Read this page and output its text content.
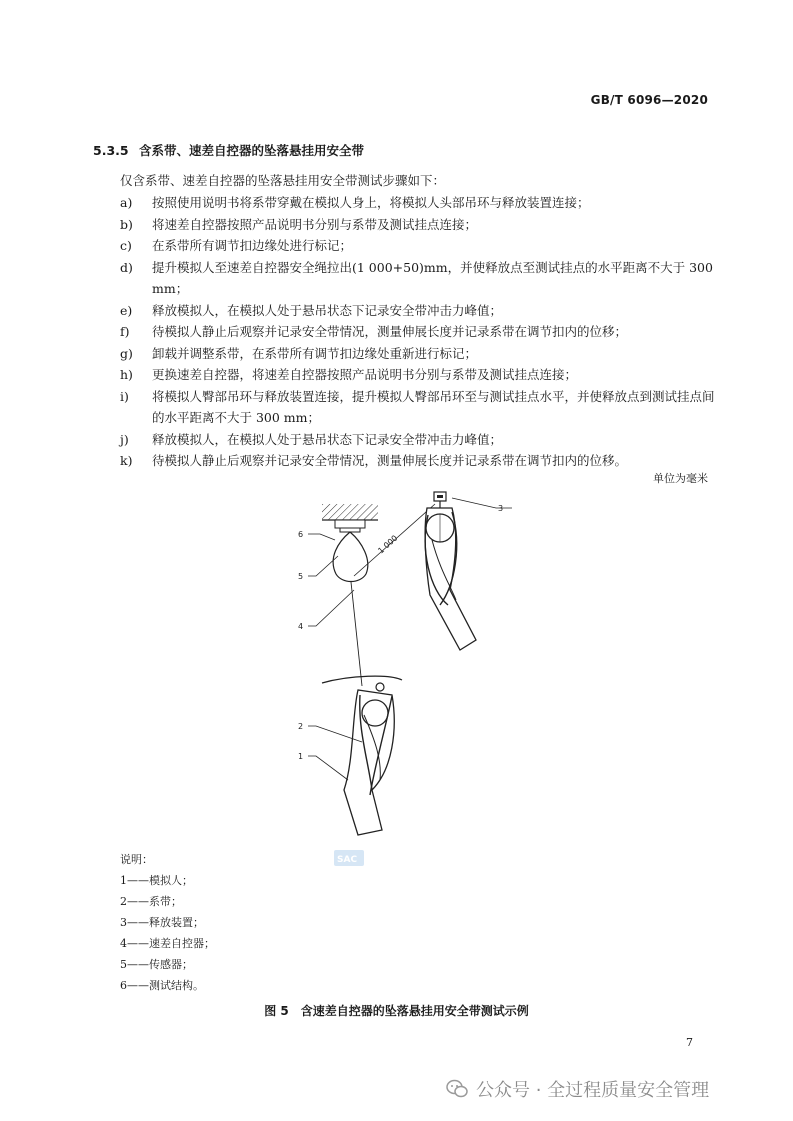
GB/T 6096—2020
5.3.5 含系带、速差自控器的坠落悬挂用安全带
仅含系带、速差自控器的坠落悬挂用安全带测试步骤如下：
a)	按照使用说明书将系带穿戴在模拟人身上，将模拟人头部吊环与释放装置连接；
b)	将速差自控器按照产品说明书分别与系带及测试挂点连接；
c)	在系带所有调节扣边缘处进行标记；
d)	提升模拟人至速差自控器安全绳拉出(1 000+50)mm，并使释放点至测试挂点的水平距离不大于 300 mm；
e)	释放模拟人，在模拟人处于悬吊状态下记录安全带冲击力峰值；
f)	待模拟人静止后观察并记录安全带情况，测量伸展长度并记录系带在调节扣内的位移；
g)	卸载并调整系带，在系带所有调节扣边缘处重新进行标记；
h)	更换速差自控器，将速差自控器按照产品说明书分别与系带及测试挂点连接；
i)	将模拟人臀部吊环与释放装置连接，提升模拟人臀部吊环至与测试挂点水平，并使释放点到测试挂点间的水平距离不大于 300 mm；
j)	释放模拟人，在模拟人处于悬吊状态下记录安全带冲击力峰值；
k)	待模拟人静止后观察并记录安全带情况，测量伸展长度并记录系带在调节扣内的位移。
单位为毫米
1 000
6
5
4
2
1
3
说明：
1——模拟人；
2——系带；
3——释放装置；
4——速差自控器；
5——传感器；
6——测试结构。
SAC
图 5　含速差自控器的坠落悬挂用安全带测试示例
7
公众号 · 全过程质量安全管理
